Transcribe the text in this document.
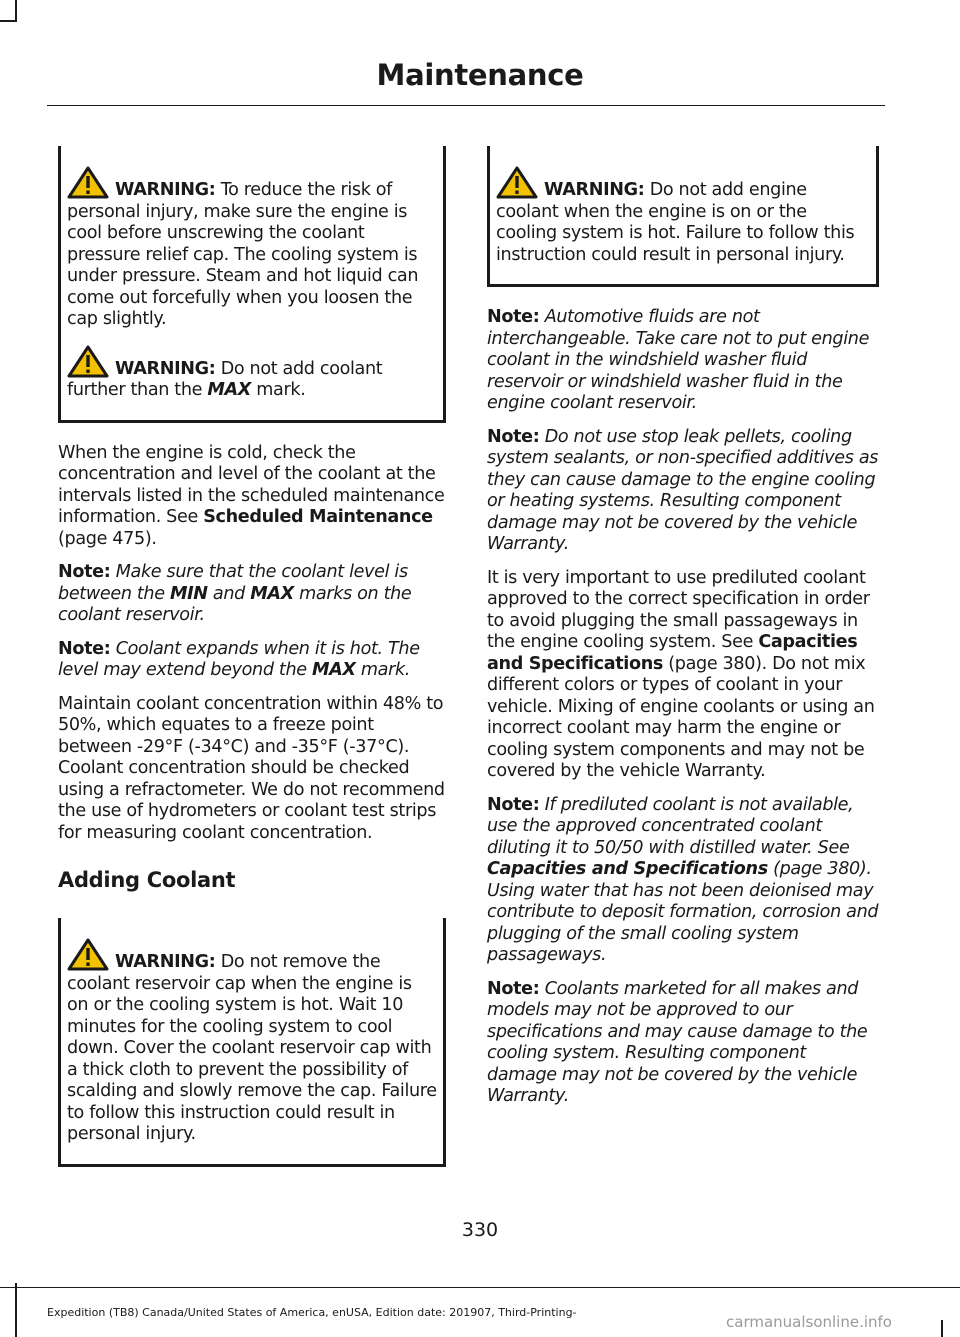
Maintenance

WARNING: To reduce the risk of personal injury, make sure the engine is cool before unscrewing the coolant pressure relief cap. The cooling system is under pressure. Steam and hot liquid can come out forcefully when you loosen the cap slightly.

WARNING: Do not add coolant further than the MAX mark.

When the engine is cold, check the concentration and level of the coolant at the intervals listed in the scheduled maintenance information. See Scheduled Maintenance (page 475).

Note: Make sure that the coolant level is between the MIN and MAX marks on the coolant reservoir.

Note: Coolant expands when it is hot. The level may extend beyond the MAX mark.

Maintain coolant concentration within 48% to 50%, which equates to a freeze point between -29°F (-34°C) and -35°F (-37°C). Coolant concentration should be checked using a refractometer. We do not recommend the use of hydrometers or coolant test strips for measuring coolant concentration.

Adding Coolant

WARNING: Do not remove the coolant reservoir cap when the engine is on or the cooling system is hot. Wait 10 minutes for the cooling system to cool down. Cover the coolant reservoir cap with a thick cloth to prevent the possibility of scalding and slowly remove the cap. Failure to follow this instruction could result in personal injury.

WARNING: Do not add engine coolant when the engine is on or the cooling system is hot. Failure to follow this instruction could result in personal injury.

Note: Automotive fluids are not interchangeable. Take care not to put engine coolant in the windshield washer fluid reservoir or windshield washer fluid in the engine coolant reservoir.

Note: Do not use stop leak pellets, cooling system sealants, or non-specified additives as they can cause damage to the engine cooling or heating systems. Resulting component damage may not be covered by the vehicle Warranty.

It is very important to use prediluted coolant approved to the correct specification in order to avoid plugging the small passageways in the engine cooling system. See Capacities and Specifications (page 380). Do not mix different colors or types of coolant in your vehicle. Mixing of engine coolants or using an incorrect coolant may harm the engine or cooling system components and may not be covered by the vehicle Warranty.

Note: If prediluted coolant is not available, use the approved concentrated coolant diluting it to 50/50 with distilled water. See Capacities and Specifications (page 380). Using water that has not been deionised may contribute to deposit formation, corrosion and plugging of the small cooling system passageways.

Note: Coolants marketed for all makes and models may not be approved to our specifications and may cause damage to the cooling system. Resulting component damage may not be covered by the vehicle Warranty.

330
Expedition (TB8) Canada/United States of America, enUSA, Edition date: 201907, Third-Printing-
carmanualsonline.info
